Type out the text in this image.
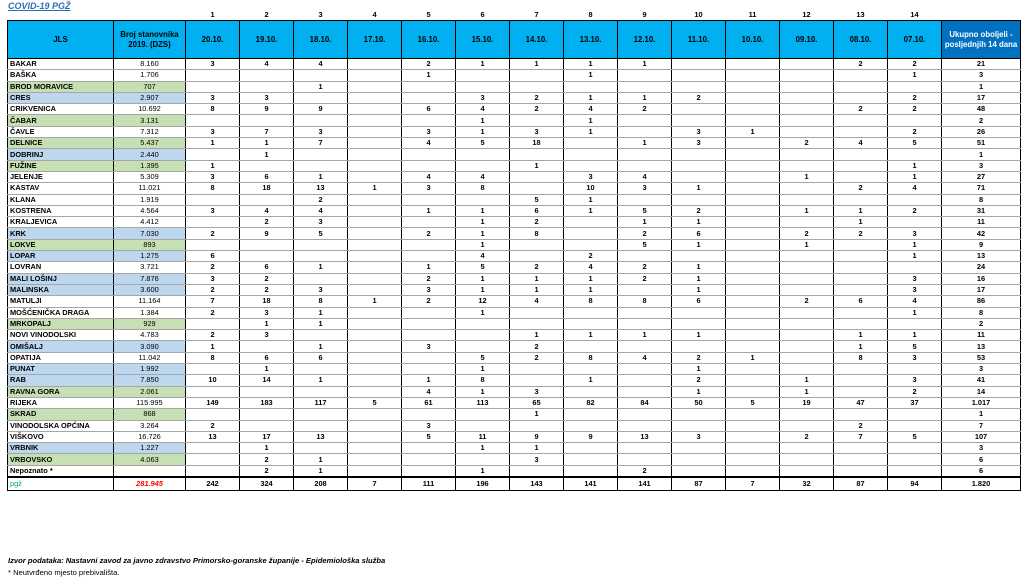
COVID-19 PGŽ
		1	2	3	4	5	6	7	8	9	10	11	12	13	14	
JLS	Broj stanovnika 2019. (DZS)	20.10.	19.10.	18.10.	17.10.	16.10.	15.10.	14.10.	13.10.	12.10.	11.10.	10.10.	09.10.	08.10.	07.10.	Ukupno oboljeli - posljednjih 14 dana
BAKAR	8.160	3	4	4		2	1	1	1	1				2	2	21
BAŠKA	1.706					1			1						1	3
BROD MORAVICE	707			1												1
CRES	2.907	3	3				3	2	1	1	2				2	17
CRIKVENICA	10.692	8	9	9		6	4	2	4	2				2	2	48
ČABAR	3.131						1		1							2
ČAVLE	7.312	3	7	3		3	1	3	1		3	1			2	26
DELNICE	5.437	1	1	7		4	5	18		1	3		2	4	5	51
DOBRINJ	2.440		1													1
FUŽINE	1.395	1						1							1	3
JELENJE	5.309	3	6	1		4	4		3	4			1		1	27
KASTAV	11.021	8	18	13	1	3	8		10	3	1			2	4	71
KLANA	1.919			2				5	1							8
KOSTRENA	4.564	3	4	4		1	1	6	1	5	2		1	1	2	31
KRALJEVICA	4.412		2	3			1	2		1	1			1		11
KRK	7.030	2	9	5		2	1	8		2	6		2	2	3	42
LOKVE	893						1			5	1		1		1	9
LOPAR	1.275	6					4		2						1	13
LOVRAN	3.721	2	6	1		1	5	2	4	2	1					24
MALI LOŠINJ	7.876	3	2			2	1	1	1	2	1				3	16
MALINSKA	3.600	2	2	3		3	1	1	1		1				3	17
MATULJI	11.164	7	18	8	1	2	12	4	8	8	6		2	6	4	86
MOŠĆENIČKA DRAGA	1.384	2	3	1			1								1	8
MRKOPALJ	929		1	1												2
NOVI VINODOLSKI	4.783	2	3					1	1	1	1			1	1	11
OMIŠALJ	3.090	1		1		3		2						1	5	13
OPATIJA	11.042	8	6	6			5	2	8	4	2	1		8	3	53
PUNAT	1.992		1				1				1					3
RAB	7.850	10	14	1		1	8		1		2		1		3	41
RAVNA GORA	2.061					4	1	3			1		1		2	14
RIJEKA	115.995	149	183	117	5	61	113	65	82	84	50	5	19	47	37	1.017
SKRAD	868							1								1
VINODOLSKA OPĆINA	3.264	2				3								2		7
VIŠKOVO	16.726	13	17	13		5	11	9	9	13	3		2	7	5	107
VRBNIK	1.227		1				1	1								3
VRBOVSKO	4.063		2	1				3								6
Nepoznato *			2	1			1			2						6
pgž	281.945	242	324	208	7	111	196	143	141	141	87	7	32	87	94	1.820
Izvor podataka: Nastavni zavod za javno zdravstvo Primorsko-goranske županije - Epidemiološka služba
* Neutvrđeno mjesto prebivališta.
